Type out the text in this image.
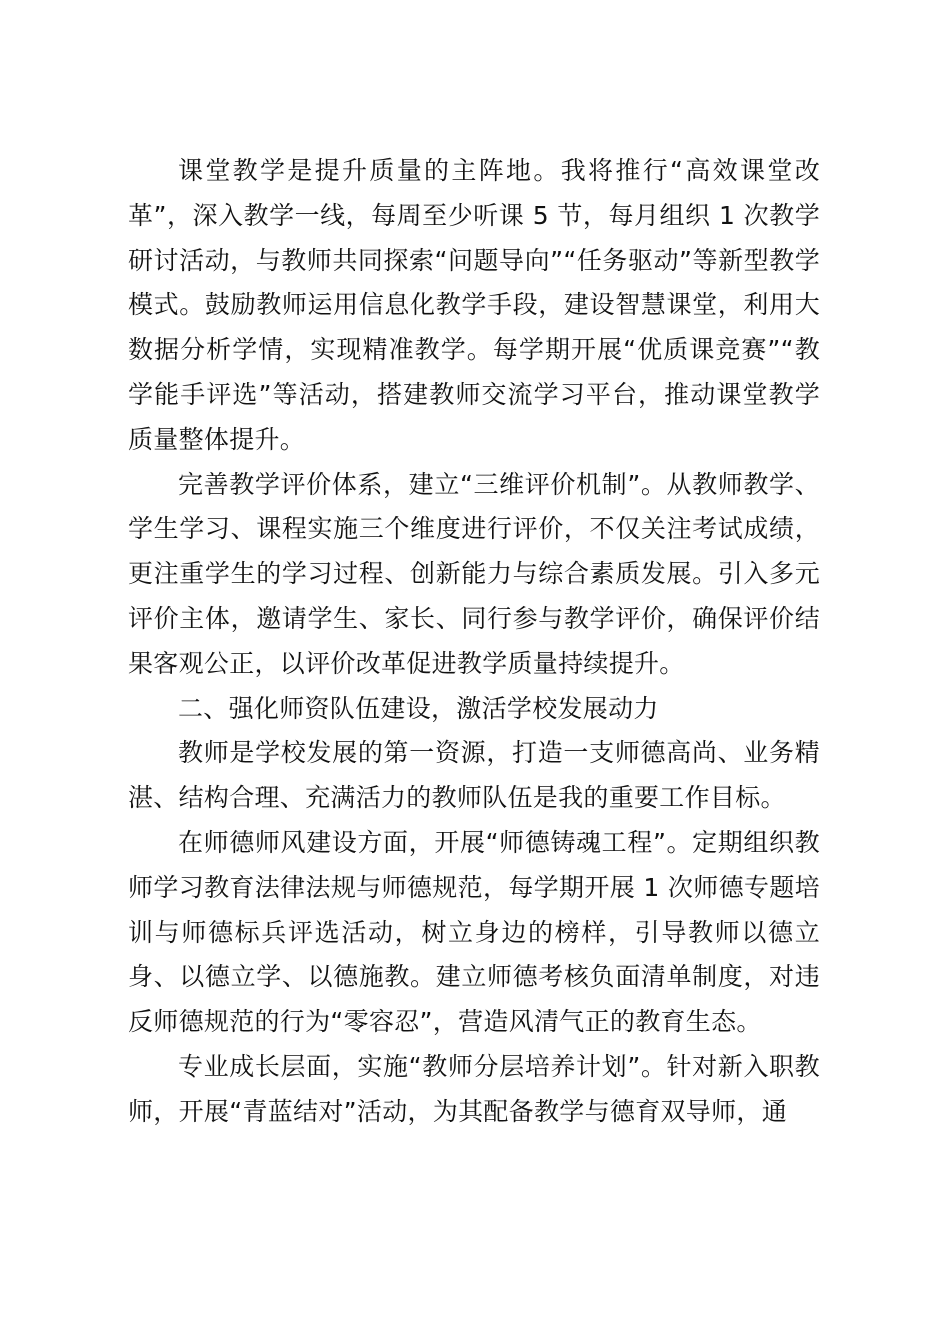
课堂教学是提升质量的主阵地。我将推行“高效课堂改革”，深入教学一线，每周至少听课 5 节，每月组织 1 次教学研讨活动，与教师共同探索“问题导向”“任务驱动”等新型教学模式。鼓励教师运用信息化教学手段，建设智慧课堂，利用大数据分析学情，实现精准教学。每学期开展“优质课竞赛”“教学能手评选”等活动，搭建教师交流学习平台，推动课堂教学质量整体提升。

完善教学评价体系，建立“三维评价机制”。从教师教学、学生学习、课程实施三个维度进行评价，不仅关注考试成绩，更注重学生的学习过程、创新能力与综合素质发展。引入多元评价主体，邀请学生、家长、同行参与教学评价，确保评价结果客观公正，以评价改革促进教学质量持续提升。

二、强化师资队伍建设，激活学校发展动力

教师是学校发展的第一资源，打造一支师德高尚、业务精湛、结构合理、充满活力的教师队伍是我的重要工作目标。

在师德师风建设方面，开展“师德铸魂工程”。定期组织教师学习教育法律法规与师德规范，每学期开展 1 次师德专题培训与师德标兵评选活动，树立身边的榜样，引导教师以德立身、以德立学、以德施教。建立师德考核负面清单制度，对违反师德规范的行为“零容忍”，营造风清气正的教育生态。

专业成长层面，实施“教师分层培养计划”。针对新入职教师，开展“青蓝结对”活动，为其配备教学与德育双导师，通
